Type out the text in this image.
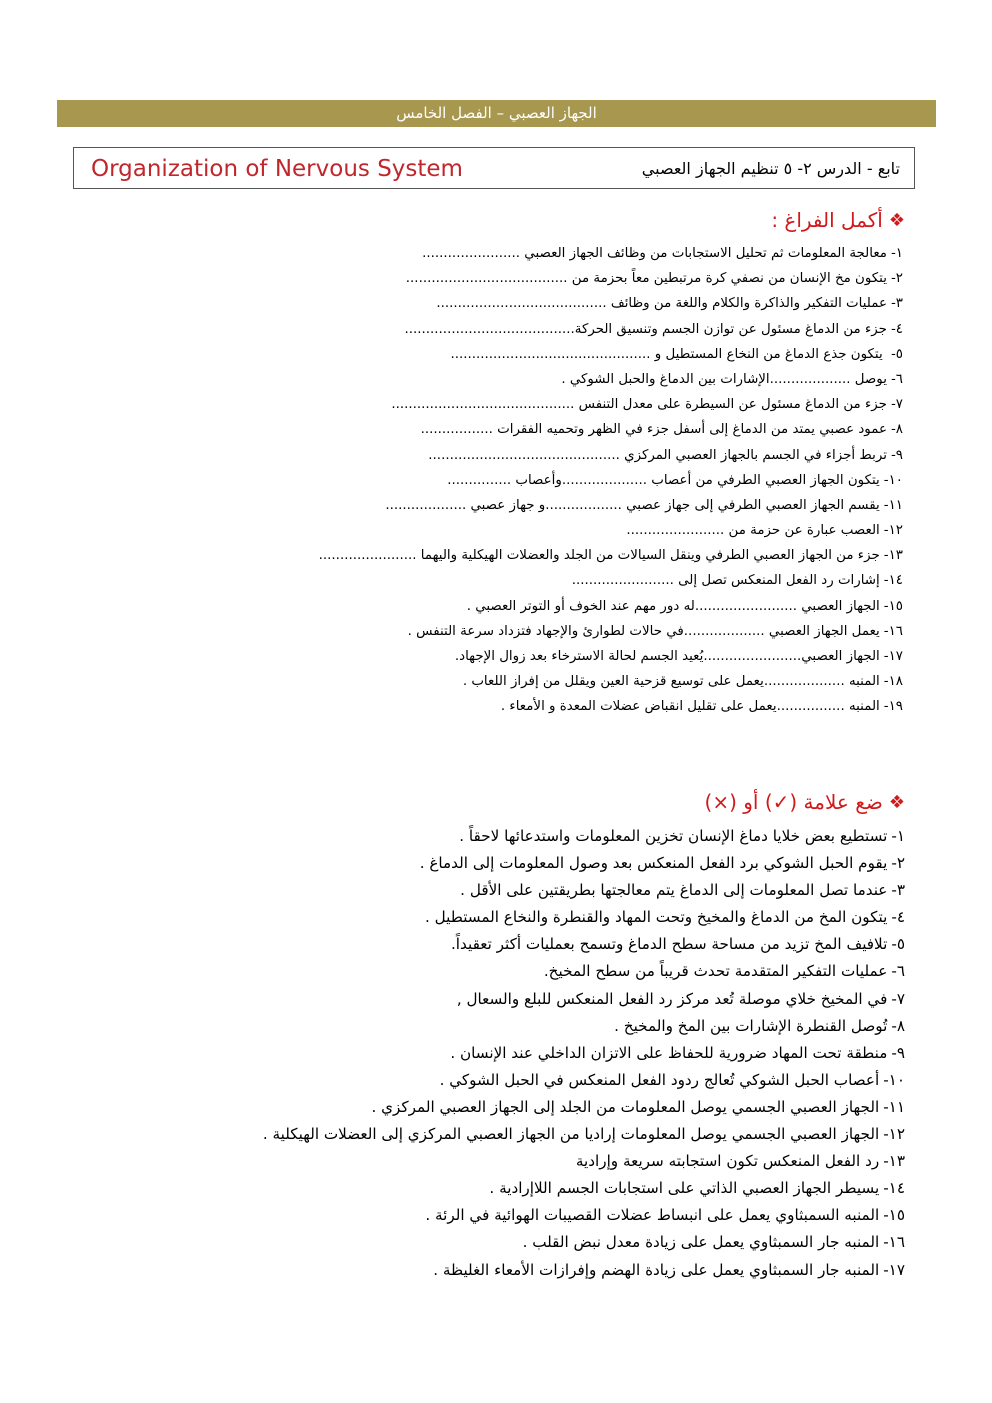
الجهاز العصبي – الفصل الخامس
Organization of Nervous System	تابع - الدرس ٢- ٥ تنظيم الجهاز العصبي
❖
أكمل الفراغ :
١-معالجة المعلومات ثم تحليل الاستجابات من وظائف الجهاز العصبي .......................
٢-يتكون مخ الإنسان من نصفي كرة مرتبطين معاً بحزمة من ......................................
٣-عمليات التفكير والذاكرة والكلام واللغة من وظائف ........................................
٤-جزء من الدماغ مسئول عن توازن الجسم وتنسيق الحركة........................................
٥- يتكون جذع الدماغ من النخاع المستطيل و ...............................................
٦-يوصل ...................الإشارات بين الدماغ والحبل الشوكي .
٧-جزء من الدماغ مسئول عن السيطرة على معدل التنفس ...........................................
٨-عمود عصبي يمتد من الدماغ إلى أسفل جزء في الظهر وتحميه الفقرات .................
٩-تربط أجزاء في الجسم بالجهاز العصبي المركزي .............................................
١٠-يتكون الجهاز العصبي الطرفي من أعصاب ....................وأعصاب ...............
١١-يقسم الجهاز العصبي الطرفي إلى جهاز عصبي ..................و جهاز عصبي ...................
١٢-العصب عبارة عن حزمة من .......................
١٣-جزء من الجهاز العصبي الطرفي وينقل السيالات من الجلد والعضلات الهيكلية واليهما .......................
١٤-إشارات رد الفعل المنعكس تصل إلى ........................
١٥-الجهاز العصبي ........................له دور مهم عند الخوف أو التوتر العصبي .
١٦-يعمل الجهاز العصبي ...................في حالات لطوارئ والإجهاد فتزداد سرعة التنفس .
١٧-الجهاز العصبي.......................يُعيد الجسم لحالة الاسترخاء بعد زوال الإجهاد.
١٨-المنبه ...................يعمل على توسيع قزحية العين ويقلل من إفراز اللعاب .
١٩-المنبه ................يعمل على تقليل انقباض عضلات المعدة و الأمعاء .
❖
ضع علامة (✓) أو (×)
١-تستطيع بعض خلايا دماغ الإنسان تخزين المعلومات واستدعائها لاحقاً .
٢-يقوم الحبل الشوكي برد الفعل المنعكس بعد وصول المعلومات إلى الدماغ .
٣-عندما تصل المعلومات إلى الدماغ يتم معالجتها بطريقتين على الأقل .
٤-يتكون المخ من الدماغ والمخيخ وتحت المهاد والقنطرة والنخاع المستطيل .
٥-تلافيف المخ تزيد من مساحة سطح الدماغ وتسمح بعمليات أكثر تعقيداً.
٦-عمليات التفكير المتقدمة تحدث قريباً من سطح المخيخ.
٧-في المخيخ خلاي موصلة تُعد مركز رد الفعل المنعكس للبلع والسعال ,
٨-تُوصل القنطرة الإشارات بين المخ والمخيخ .
٩-منطقة تحت المهاد ضرورية للحفاظ على الاتزان الداخلي عند الإنسان .
١٠-أعصاب الحبل الشوكي تُعالج ردود الفعل المنعكس في الحبل الشوكي .
١١-الجهاز العصبي الجسمي يوصل المعلومات من الجلد إلى الجهاز العصبي المركزي .
١٢-الجهاز العصبي الجسمي يوصل المعلومات إراديا من الجهاز العصبي المركزي إلى العضلات الهيكلية .
١٣-رد الفعل المنعكس تكون استجابته سريعة وإرادية
١٤-يسيطر الجهاز العصبي الذاتي على استجابات الجسم اللاإرادية .
١٥-المنبه السمبثاوي يعمل على انبساط عضلات القصيبات الهوائية في الرئة .
١٦-المنبه جار السمبثاوي يعمل على زيادة معدل نبض القلب .
١٧-المنبه جار السمبثاوي يعمل على زيادة الهضم وإفرازات الأمعاء الغليظة .
